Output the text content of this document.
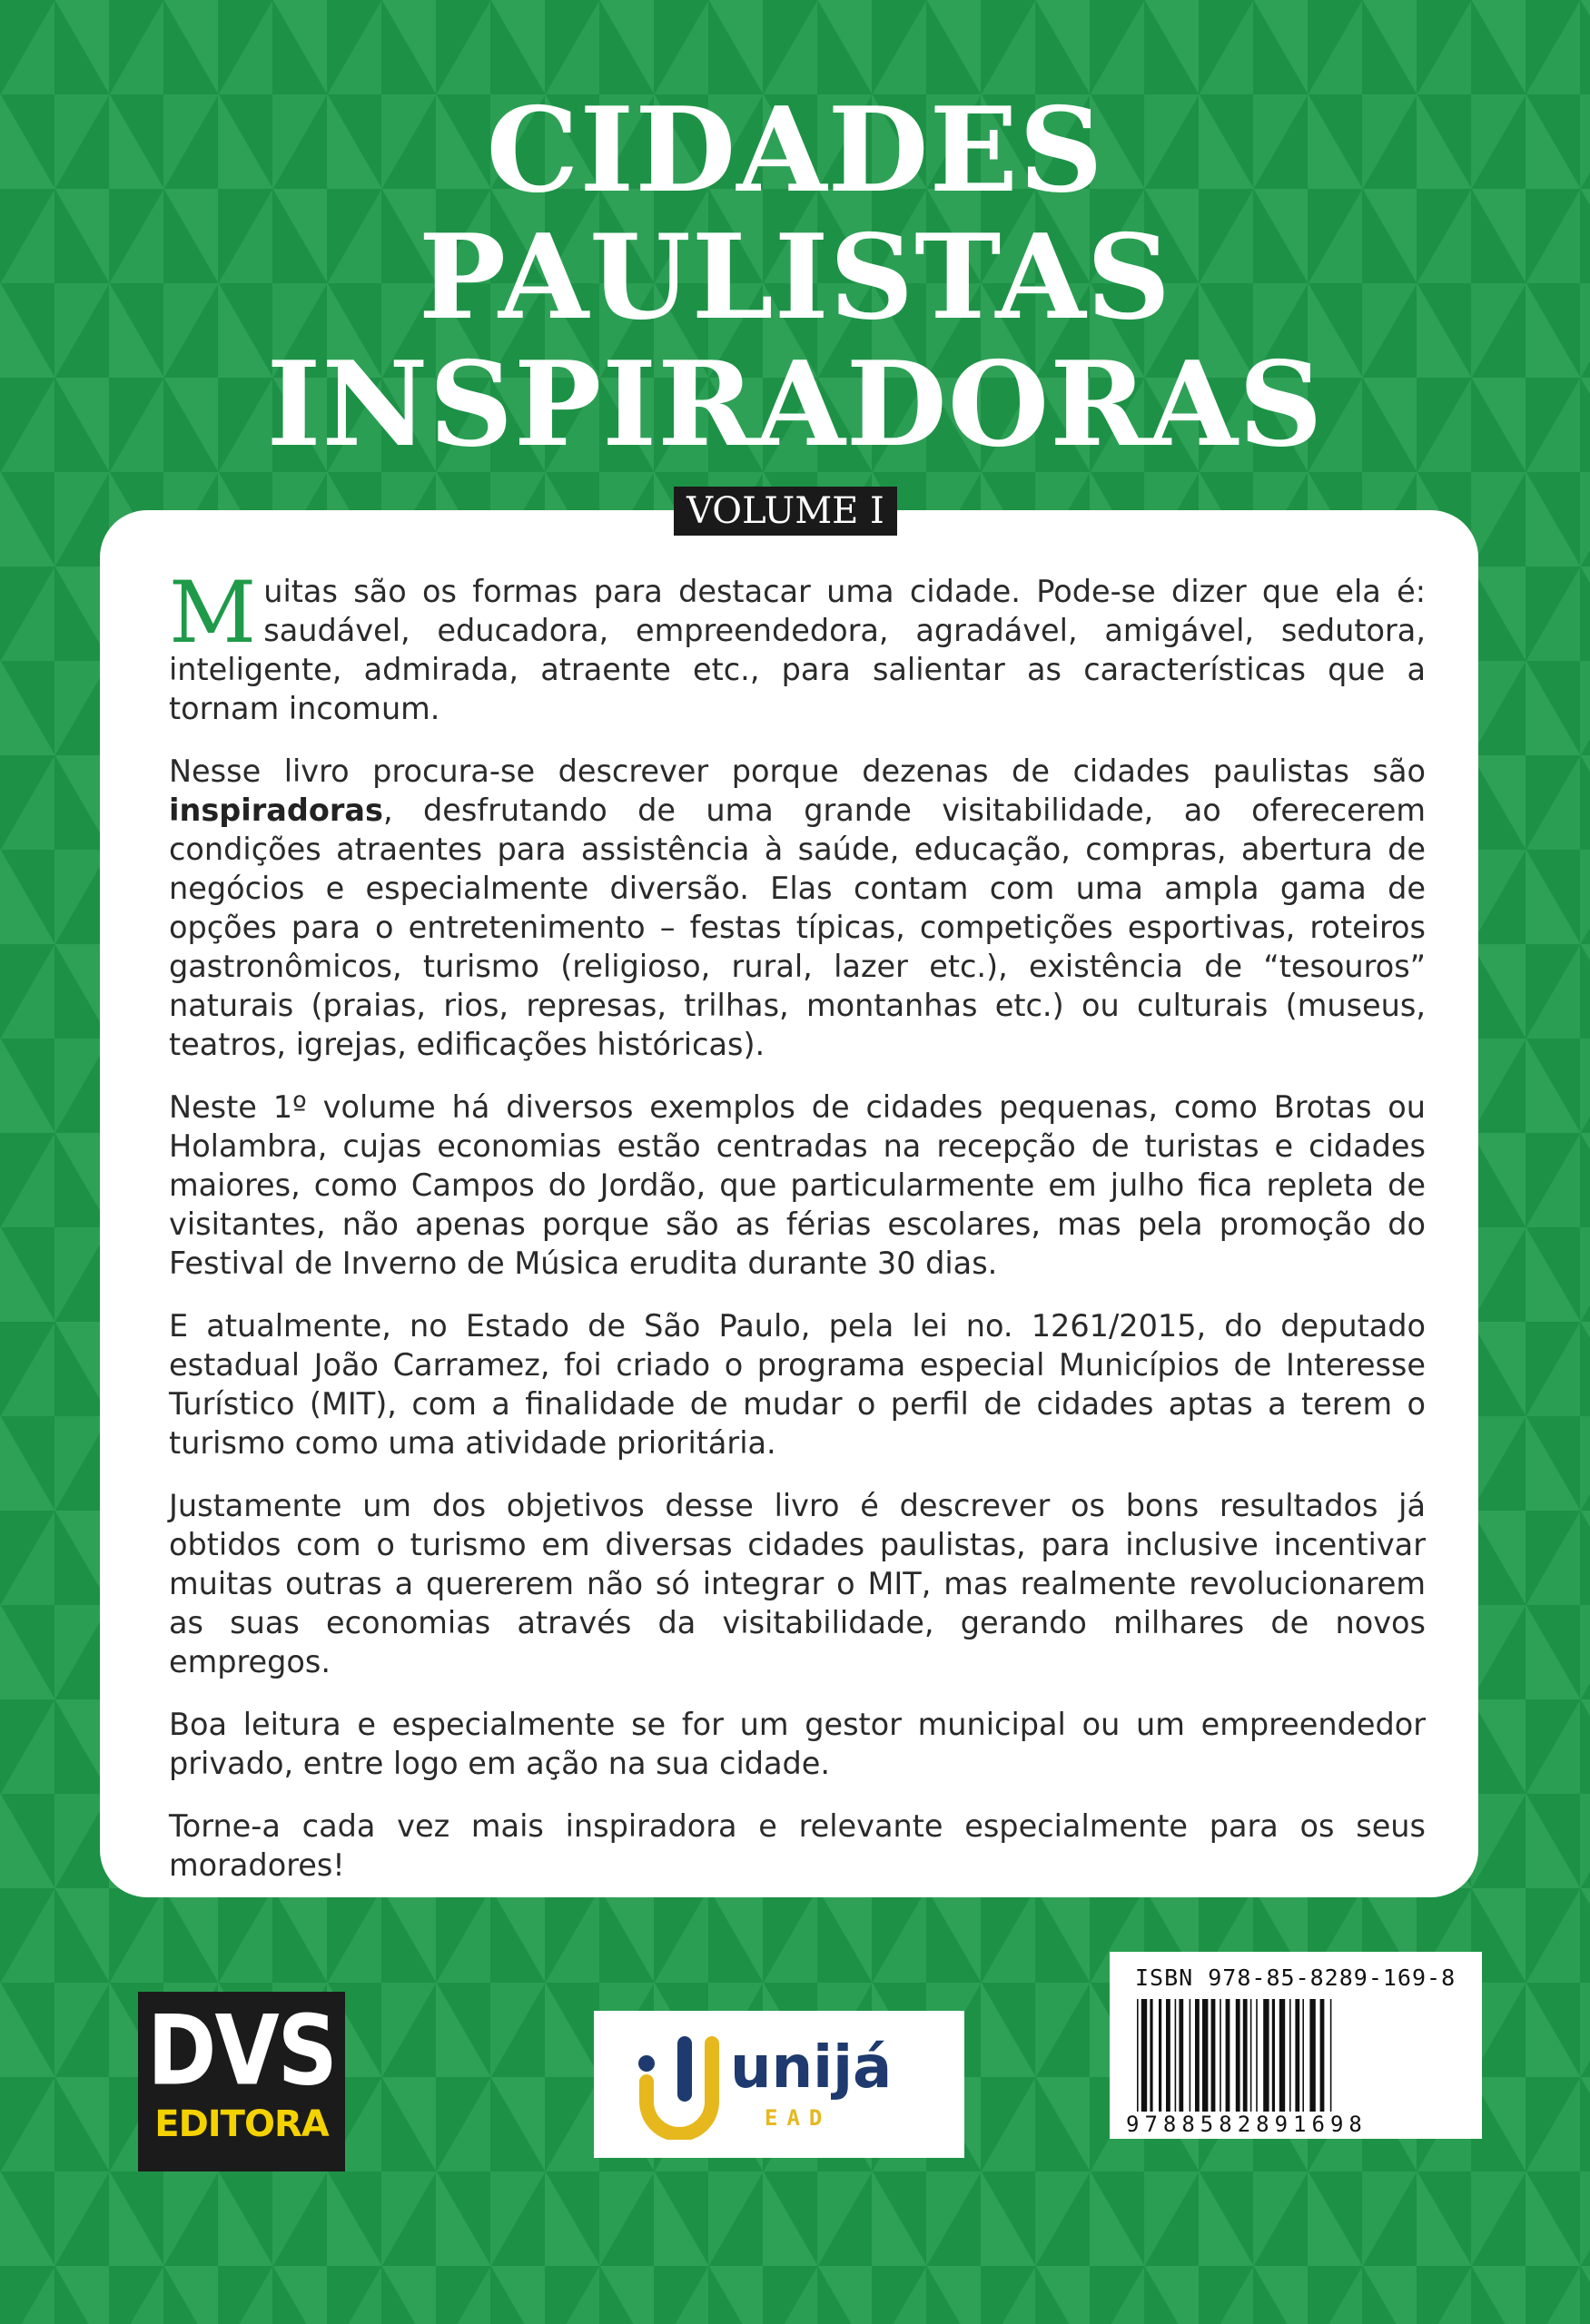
CIDADES
PAULISTAS
INSPIRADORAS
VOLUME I

Muitas são os formas para destacar uma cidade. Pode-se dizer que ela é: saudável, educadora, empreendedora, agradável, amigável, sedutora, inteligente, admirada, atraente etc., para salientar as características que a tornam incomum.

Nesse livro procura-se descrever porque dezenas de cidades paulistas são inspiradoras, desfrutando de uma grande visitabilidade, ao oferecerem condições atraentes para assistência à saúde, educação, compras, abertura de negócios e especialmente diversão. Elas contam com uma ampla gama de opções para o entretenimento – festas típicas, competições esportivas, roteiros gastronômicos, turismo (religioso, rural, lazer etc.), existência de “tesouros” naturais (praias, rios, represas, trilhas, montanhas etc.) ou culturais (museus, teatros, igrejas, edificações históricas).

Neste 1º volume há diversos exemplos de cidades pequenas, como Brotas ou Holambra, cujas economias estão centradas na recepção de turistas e cidades maiores, como Campos do Jordão, que particularmente em julho fica repleta de visitantes, não apenas porque são as férias escolares, mas pela promoção do Festival de Inverno de Música erudita durante 30 dias.

E atualmente, no Estado de São Paulo, pela lei no. 1261/2015, do deputado estadual João Carramez, foi criado o programa especial Municípios de Interesse Turístico (MIT), com a finalidade de mudar o perfil de cidades aptas a terem o turismo como uma atividade prioritária.

Justamente um dos objetivos desse livro é descrever os bons resultados já obtidos com o turismo em diversas cidades paulistas, para inclusive incentivar muitas outras a quererem não só integrar o MIT, mas realmente revolucionarem as suas economias através da visitabilidade, gerando milhares de novos empregos.

Boa leitura e especialmente se for um gestor municipal ou um empreendedor privado, entre logo em ação na sua cidade.

Torne-a cada vez mais inspiradora e relevante especialmente para os seus moradores!

DVS
EDITORA
unijá
EAD
ISBN 978-85-8289-169-8
9788582891698
